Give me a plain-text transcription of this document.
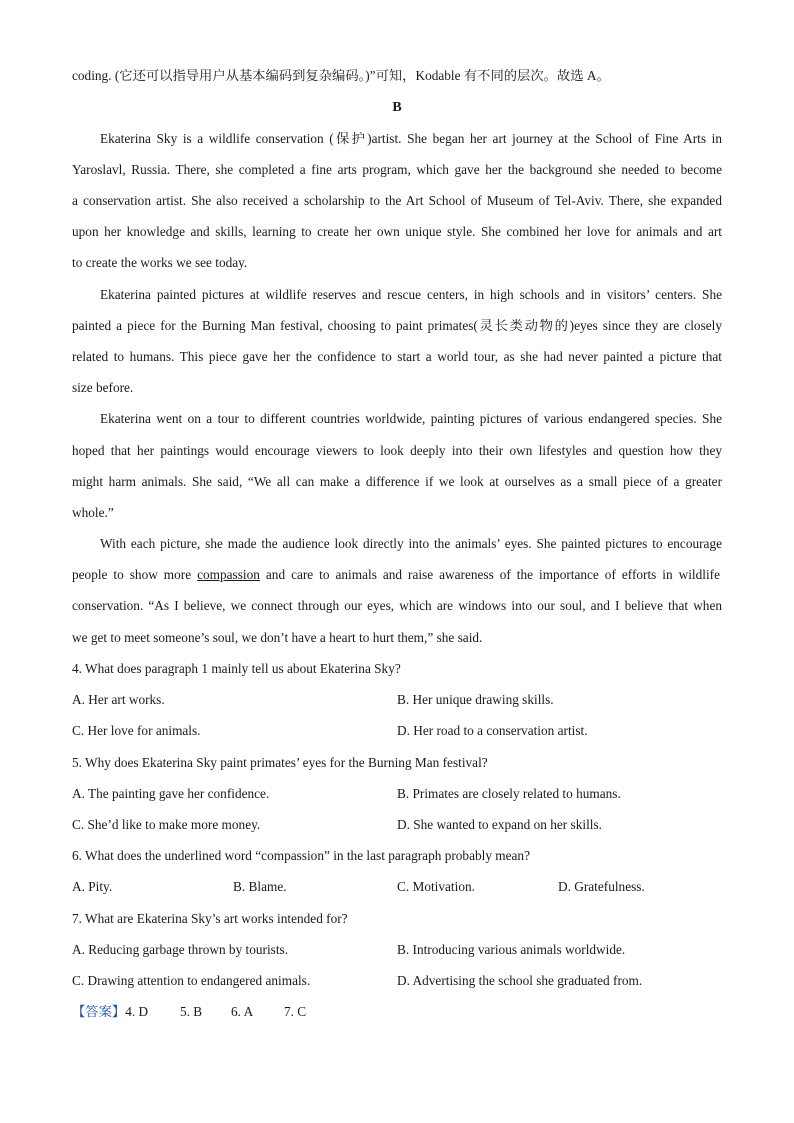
coding. (它还可以指导用户从基本编码到复杂编码。)”可知，Kodable 有不同的层次。故选 A。
B
Ekaterina Sky is a wildlife conservation (保护)artist. She began her art journey at the School of Fine Arts in
Yaroslavl, Russia. There, she completed a fine arts program, which gave her the background she needed to become
a conservation artist. She also received a scholarship to the Art School of Museum of Tel-Aviv. There, she expanded
upon her knowledge and skills, learning to create her own unique style. She combined her love for animals and art
to create the works we see today.
Ekaterina painted pictures at wildlife reserves and rescue centers, in high schools and in visitors’ centers. She
painted a piece for the Burning Man festival, choosing to paint primates(灵长类动物的)eyes since they are closely
related to humans. This piece gave her the confidence to start a world tour, as she had never painted a picture that
size before.
Ekaterina went on a tour to different countries worldwide, painting pictures of various endangered species. She
hoped that her paintings would encourage viewers to look deeply into their own lifestyles and question how they
might harm animals. She said, “We all can make a difference if we look at ourselves as a small piece of a greater
whole.”
With each picture, she made the audience look directly into the animals’ eyes. She painted pictures to encourage
people to show more compassion and care to animals and raise awareness of the importance of efforts in wildlife
conservation. “As I believe, we connect through our eyes, which are windows into our soul, and I believe that when
we get to meet someone’s soul, we don’t have a heart to hurt them,” she said.
4. What does paragraph 1 mainly tell us about Ekaterina Sky?
A. Her art works.	B. Her unique drawing skills.
C. Her love for animals.	D. Her road to a conservation artist.
5. Why does Ekaterina Sky paint primates’ eyes for the Burning Man festival?
A. The painting gave her confidence.	B. Primates are closely related to humans.
C. She’d like to make more money.	D. She wanted to expand on her skills.
6. What does the underlined word “compassion” in the last paragraph probably mean?
A. Pity.	B. Blame.	C. Motivation.	D. Gratefulness.
7. What are Ekaterina Sky’s art works intended for?
A. Reducing garbage thrown by tourists.	B. Introducing various animals worldwide.
C. Drawing attention to endangered animals.	D. Advertising the school she graduated from.
【答案】4. D 5. B 6. A 7. C
